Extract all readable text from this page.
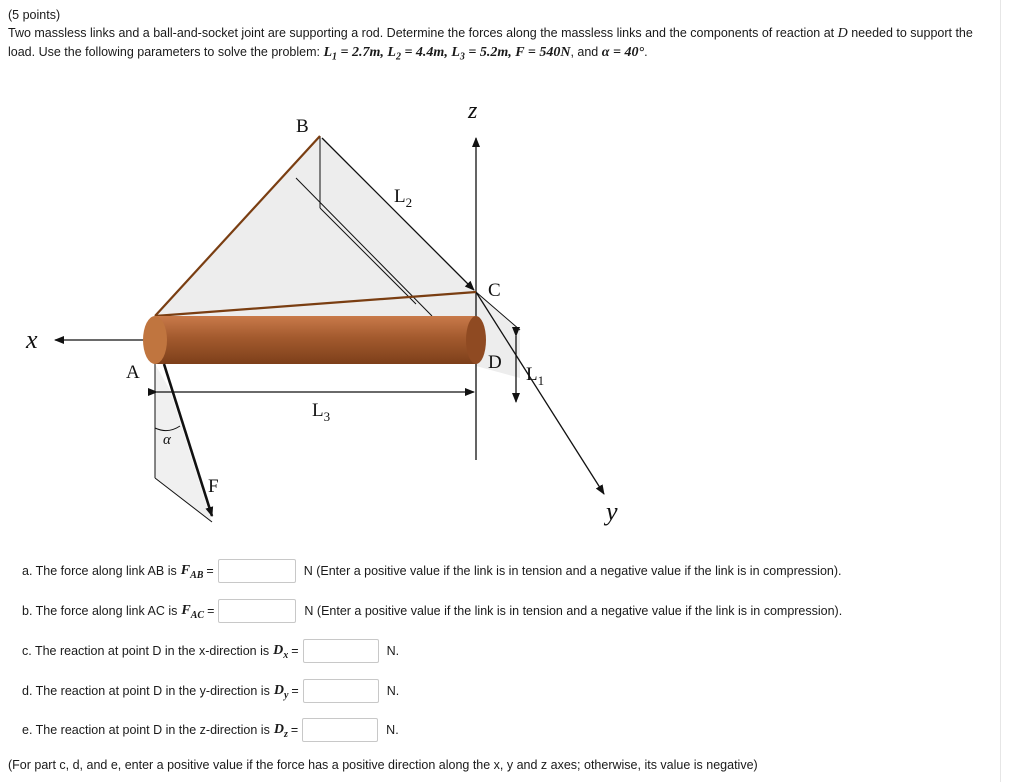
(5 points)
Two massless links and a ball-and-socket joint are supporting a rod. Determine the forces along the massless links and the components of reaction at D needed to support the load. Use the following parameters to solve the problem: $L_1 = 2.7m$, $L_2 = 4.4m$, $L_3 = 5.2m$, F = 540N, and α = 40°.
B
z
$L_2$
C
x
A	D
$L_1$
$L_3$
α
F
y
a. The force along link AB is F AB =	N (Enter a positive value if the link is in tension and a negative value if the link is in compression).
b. The force along link AC is F AC =	N (Enter a positive value if the link is in tension and a negative value if the link is in compression).
c. The reaction at point D in the x-direction is D x =	N.
d. The reaction at point D in the y-direction is D y =	N.
e. The reaction at point D in the z-direction is D z =	N.
(For part c, d, and e, enter a positive value if the force has a positive direction along the x, y and z axes; otherwise, its value is negative)
